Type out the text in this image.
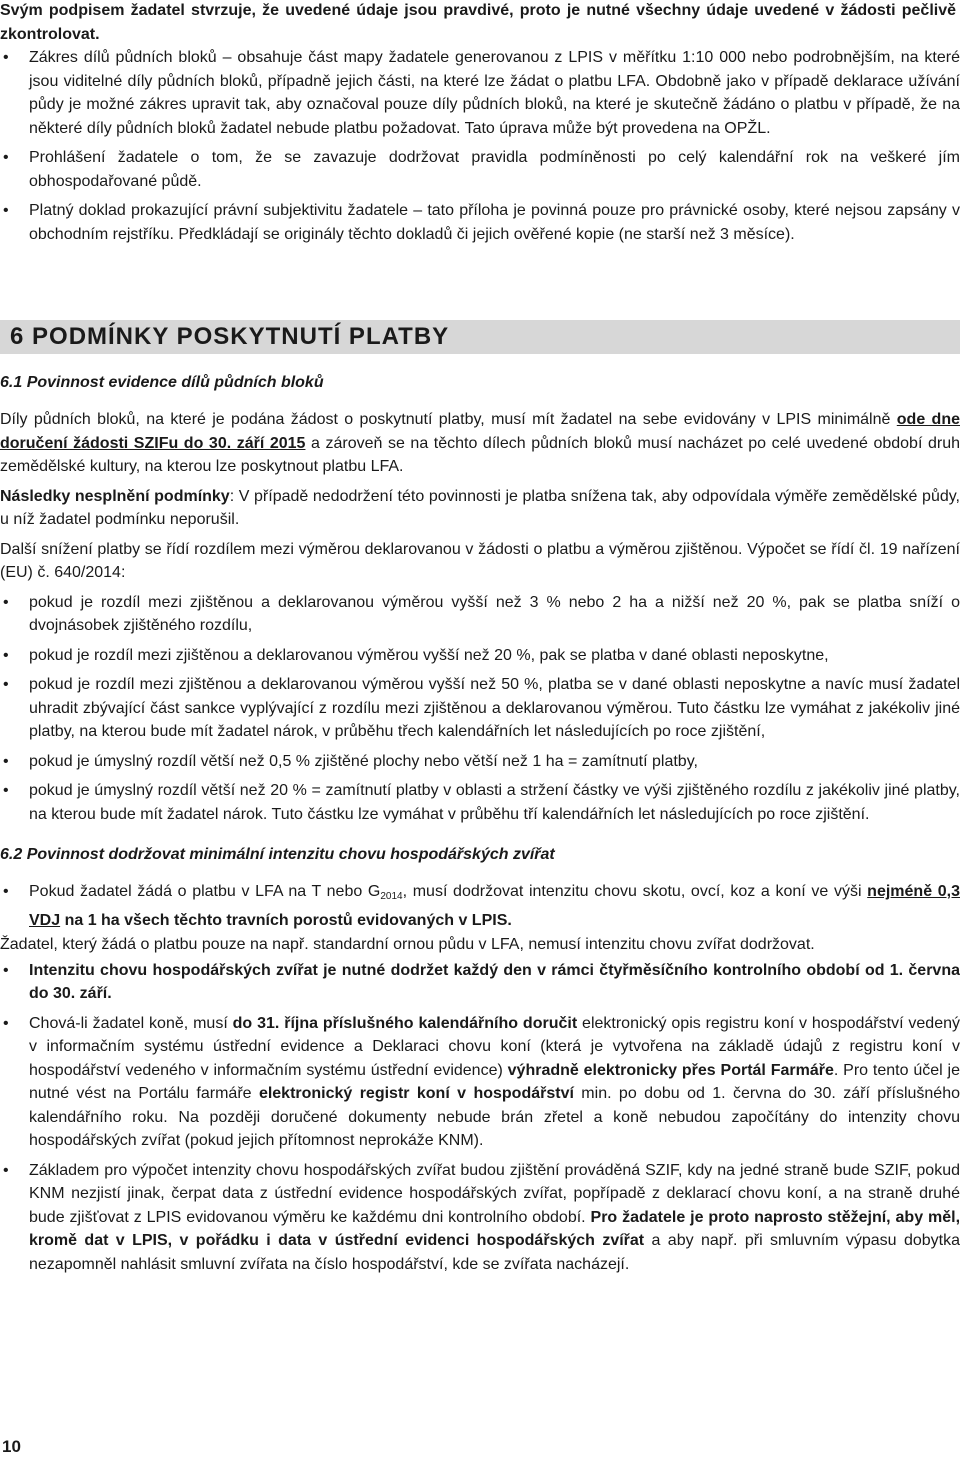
Svým podpisem žadatel stvrzuje, že uvedené údaje jsou pravdivé, proto je nutné všechny údaje uvedené v žádosti pečlivě zkontrolovat.

• Zákres dílů půdních bloků – obsahuje část mapy žadatele generovanou z LPIS v měřítku 1:10 000 nebo podrobnějším, na které jsou viditelné díly půdních bloků, případně jejich části, na které lze žádat o platbu LFA. Obdobně jako v případě deklarace užívání půdy je možné zákres upravit tak, aby označoval pouze díly půdních bloků, na které je skutečně žádáno o platbu v případě, že na některé díly půdních bloků žadatel nebude platbu požadovat. Tato úprava může být provedena na OPŽL.
• Prohlášení žadatele o tom, že se zavazuje dodržovat pravidla podmíněnosti po celý kalendářní rok na veškeré jím obhospodařované půdě.
• Platný doklad prokazující právní subjektivitu žadatele – tato příloha je povinná pouze pro právnické osoby, které nejsou zapsány v obchodním rejstříku. Předkládají se originály těchto dokladů či jejich ověřené kopie (ne starší než 3 měsíce).
6 PODMÍNKY POSKYTNUTÍ PLATBY
6.1 Povinnost evidence dílů půdních bloků

Díly půdních bloků, na které je podána žádost o poskytnutí platby, musí mít žadatel na sebe evidovány v LPIS minimálně ode dne doručení žádosti SZIFu do 30. září 2015 a zároveň se na těchto dílech půdních bloků musí nacházet po celé uvedené období druh zemědělské kultury, na kterou lze poskytnout platbu LFA.

Následky nesplnění podmínky: V případě nedodržení této povinnosti je platba snížena tak, aby odpovídala výměře zemědělské půdy, u níž žadatel podmínku neporušil.

Další snížení platby se řídí rozdílem mezi výměrou deklarovanou v žádosti o platbu a výměrou zjištěnou. Výpočet se řídí čl. 19 nařízení (EU) č. 640/2014:

• pokud je rozdíl mezi zjištěnou a deklarovanou výměrou vyšší než 3 % nebo 2 ha a nižší než 20 %, pak se platba sníží o dvojnásobek zjištěného rozdílu,
• pokud je rozdíl mezi zjištěnou a deklarovanou výměrou vyšší než 20 %, pak se platba v dané oblasti neposkytne,
• pokud je rozdíl mezi zjištěnou a deklarovanou výměrou vyšší než 50 %, platba se v dané oblasti neposkytne a navíc musí žadatel uhradit zbývající část sankce vyplývající z rozdílu mezi zjištěnou a deklarovanou výměrou. Tuto částku lze vymáhat z jakékoliv jiné platby, na kterou bude mít žadatel nárok, v průběhu třech kalendářních let následujících po roce zjištění,
• pokud je úmyslný rozdíl větší než 0,5 % zjištěné plochy nebo větší než 1 ha = zamítnutí platby,
• pokud je úmyslný rozdíl větší než 20 % = zamítnutí platby v oblasti a stržení částky ve výši zjištěného rozdílu z jakékoliv jiné platby, na kterou bude mít žadatel nárok. Tuto částku lze vymáhat v průběhu tří kalendářních let následujících po roce zjištění.
6.2 Povinnost dodržovat minimální intenzitu chovu hospodářských zvířat
• Pokud žadatel žádá o platbu v LFA na T nebo $G_{2014}$, musí dodržovat intenzitu chovu skotu, ovcí, koz a koní ve výši nejméně 0,3 VDJ na 1 ha všech těchto travních porostů evidovaných v LPIS.

Žadatel, který žádá o platbu pouze na např. standardní ornou půdu v LFA, nemusí intenzitu chovu zvířat dodržovat.

• Intenzitu chovu hospodářských zvířat je nutné dodržet každý den v rámci čtyřměsíčního kontrolního období od 1. června do 30. září.
• Chová-li žadatel koně, musí do 31. října příslušného kalendářního doručit elektronický opis registru koní v hospodářství vedený v informačním systému ústřední evidence a Deklaraci chovu koní (která je vytvořena na základě údajů z registru koní v hospodářství vedeného v informačním systému ústřední evidence) výhradně elektronicky přes Portál Farmáře. Pro tento účel je nutné vést na Portálu farmáře elektronický registr koní v hospodářství min. po dobu od 1. června do 30. září příslušného kalendářního roku. Na později doručené dokumenty nebude brán zřetel a koně nebudou započítány do intenzity chovu hospodářských zvířat (pokud jejich přítomnost neprokáže KNM).
• Základem pro výpočet intenzity chovu hospodářských zvířat budou zjištění prováděná SZIF, kdy na jedné straně bude SZIF, pokud KNM nezjistí jinak, čerpat data z ústřední evidence hospodářských zvířat, popřípadě z deklarací chovu koní, a na straně druhé bude zjišťovat z LPIS evidovanou výměru ke každému dni kontrolního období. Pro žadatele je proto naprosto stěžejní, aby měl, kromě dat v LPIS, v pořádku i data v ústřední evidenci hospodářských zvířat a aby např. při smluvním výpasu dobytka nezapomněl nahlásit smluvní zvířata na číslo hospodářství, kde se zvířata nacházejí.
10
